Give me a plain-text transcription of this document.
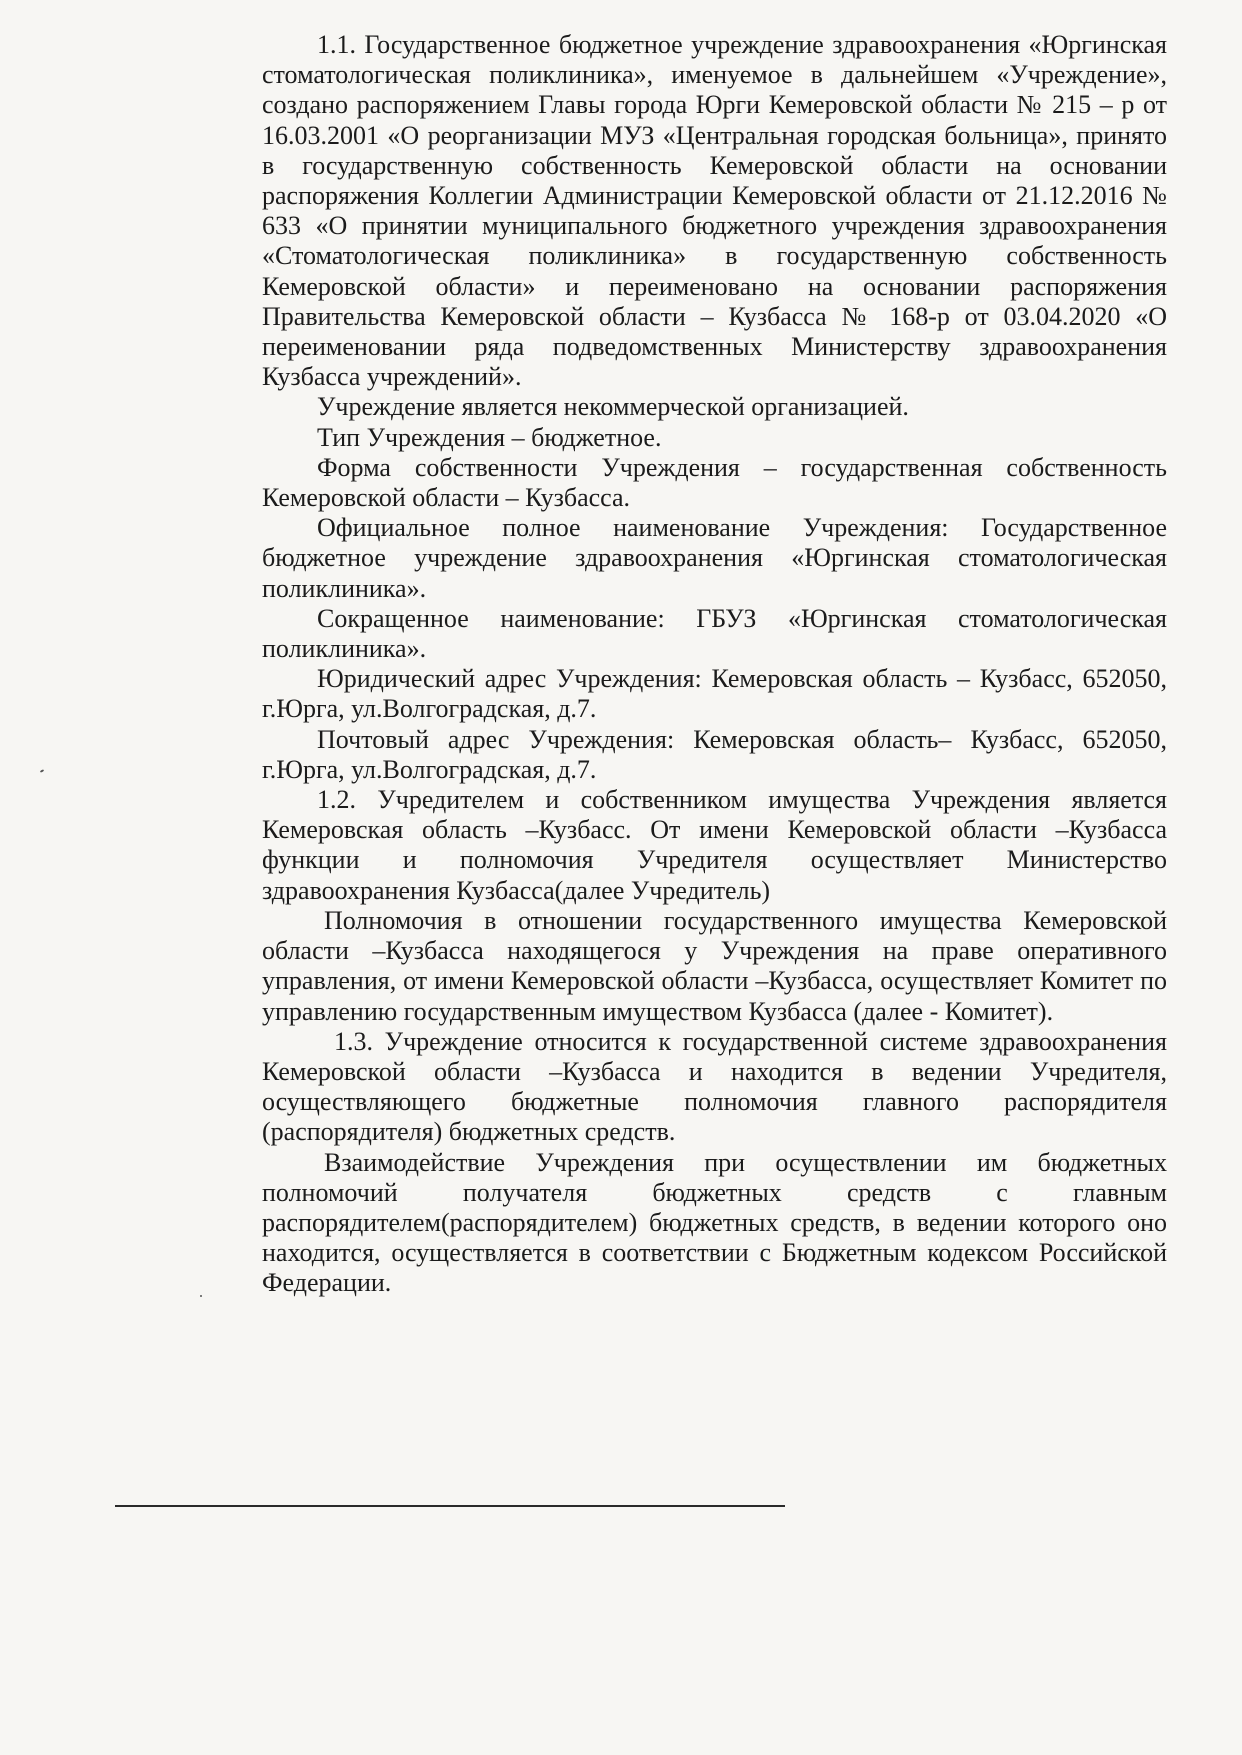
1.1. Государственное бюджетное учреждение здравоохранения «Юргинская стоматологическая поликлиника», именуемое в дальнейшем «Учреждение», создано распоряжением Главы города Юрги Кемеровской области № 215 – р от 16.03.2001 «О реорганизации МУЗ «Центральная городская больница», принято в государственную собственность Кемеровской области на основании распоряжения Коллегии Администрации Кемеровской области от 21.12.2016 № 633 «О принятии муниципального бюджетного учреждения здравоохранения «Стоматологическая поликлиника» в государственную собственность Кемеровской области» и переименовано на основании распоряжения Правительства Кемеровской области – Кузбасса № 168-р от 03.04.2020 «О переименовании ряда подведомственных Министерству здравоохранения Кузбасса учреждений».

Учреждение является некоммерческой организацией.

Тип Учреждения – бюджетное.

Форма собственности Учреждения – государственная собственность Кемеровской области – Кузбасса.

Официальное полное наименование Учреждения: Государственное бюджетное учреждение здравоохранения «Юргинская стоматологическая поликлиника».

Сокращенное наименование: ГБУЗ «Юргинская стоматологическая поликлиника».

Юридический адрес Учреждения: Кемеровская область – Кузбасс, 652050, г.Юрга, ул.Волгоградская, д.7.

Почтовый адрес Учреждения: Кемеровская область– Кузбасс, 652050, г.Юрга, ул.Волгоградская, д.7.

1.2. Учредителем и собственником имущества Учреждения является Кемеровская область –Кузбасс. От имени Кемеровской области –Кузбасса функции и полномочия Учредителя осуществляет Министерство здравоохранения Кузбасса(далее Учредитель)

Полномочия в отношении государственного имущества Кемеровской области –Кузбасса находящегося у Учреждения на праве оперативного управления, от имени Кемеровской области –Кузбасса, осуществляет Комитет по управлению государственным имуществом Кузбасса (далее - Комитет).

1.3. Учреждение относится к государственной системе здравоохранения Кемеровской области –Кузбасса и находится в ведении Учредителя, осуществляющего бюджетные полномочия главного распорядителя (распорядителя) бюджетных средств.

Взаимодействие Учреждения при осуществлении им бюджетных полномочий получателя бюджетных средств с главным распорядителем(распорядителем) бюджетных средств, в ведении которого оно находится, осуществляется в соответствии с Бюджетным кодексом Российской Федерации.
